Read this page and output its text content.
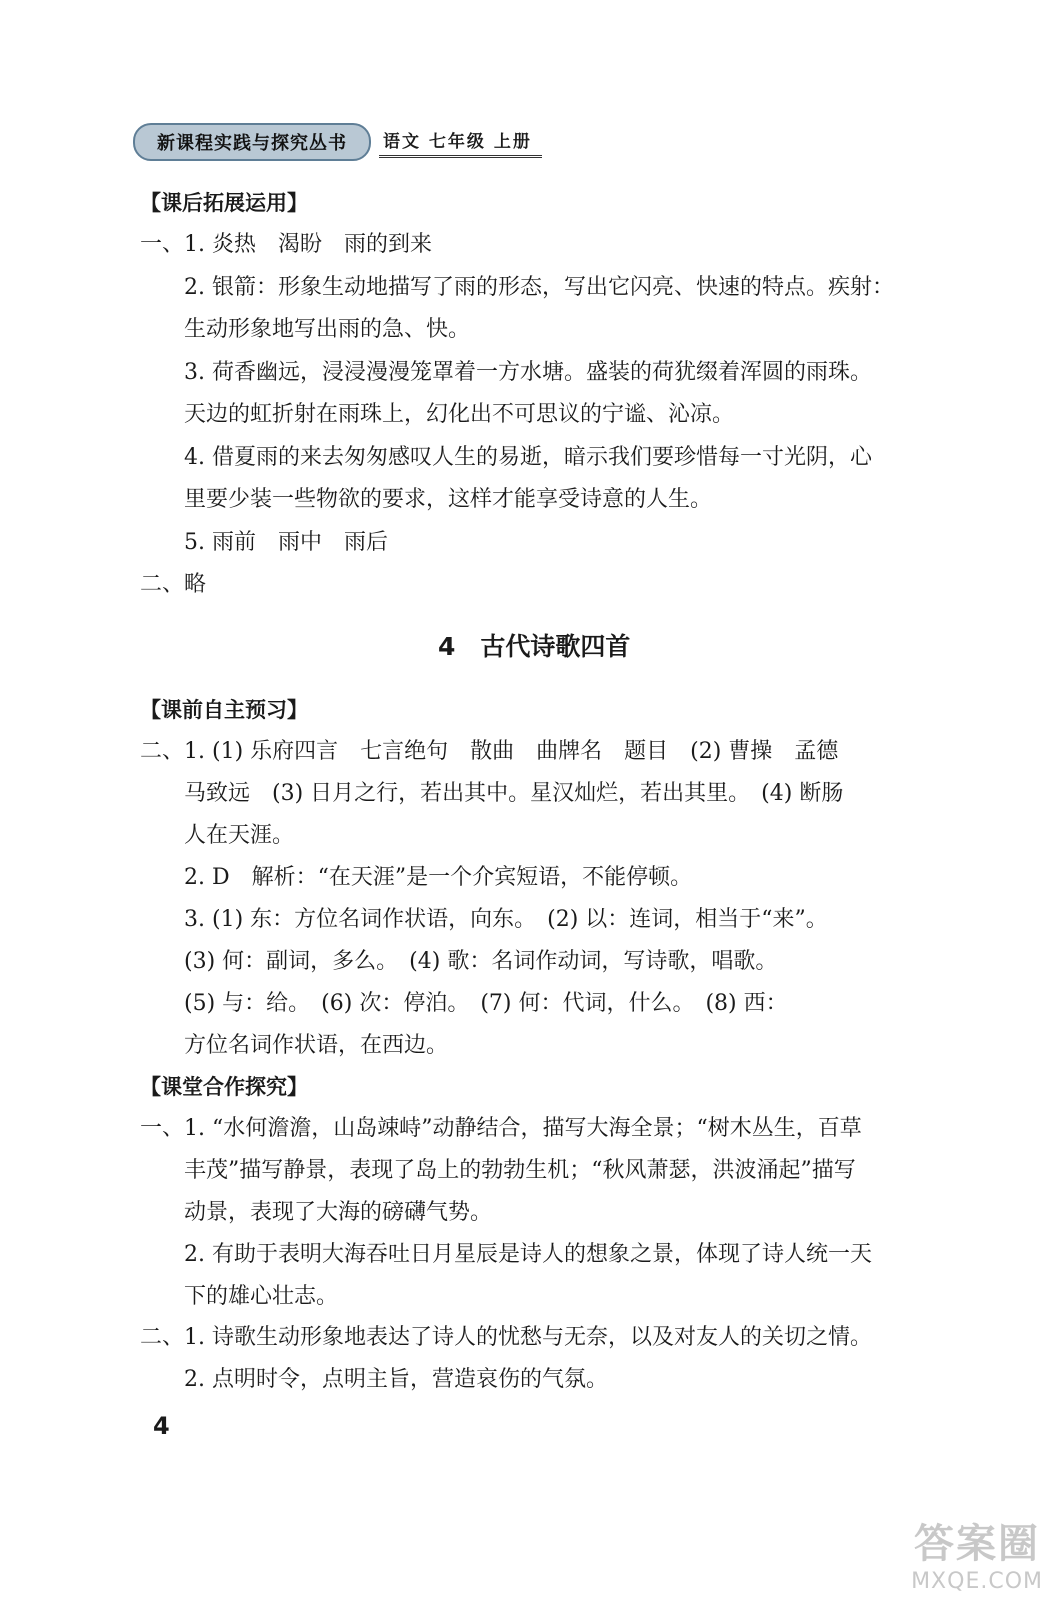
新课程实践与探究丛书	语文 七年级 上册
【课后拓展运用】
一、1. 炎热　渴盼　雨的到来
2. 银箭：形象生动地描写了雨的形态，写出它闪亮、快速的特点。疾射：
生动形象地写出雨的急、快。
3. 荷香幽远，浸浸漫漫笼罩着一方水塘。盛装的荷犹缀着浑圆的雨珠。
天边的虹折射在雨珠上，幻化出不可思议的宁谧、沁凉。
4. 借夏雨的来去匆匆感叹人生的易逝，暗示我们要珍惜每一寸光阴，心
里要少装一些物欲的要求，这样才能享受诗意的人生。
5. 雨前　雨中　雨后
二、略
4　古代诗歌四首
【课前自主预习】
二、1. (1) 乐府四言　七言绝句　散曲　曲牌名　题目　(2) 曹操　孟德
马致远　(3) 日月之行，若出其中。星汉灿烂，若出其里。　(4) 断肠
人在天涯。
2. D　解析：“在天涯”是一个介宾短语，不能停顿。
3. (1) 东：方位名词作状语，向东。　(2) 以：连词，相当于“来”。
(3) 何：副词，多么。　(4) 歌：名词作动词，写诗歌，唱歌。
(5) 与：给。　(6) 次：停泊。　(7) 何：代词，什么。　(8) 西：
方位名词作状语，在西边。
【课堂合作探究】
一、1. “水何澹澹，山岛竦峙”动静结合，描写大海全景；“树木丛生，百草
丰茂”描写静景，表现了岛上的勃勃生机；“秋风萧瑟，洪波涌起”描写
动景，表现了大海的磅礴气势。
2. 有助于表明大海吞吐日月星辰是诗人的想象之景，体现了诗人统一天
下的雄心壮志。
二、1. 诗歌生动形象地表达了诗人的忧愁与无奈，以及对友人的关切之情。
2. 点明时令，点明主旨，营造哀伤的气氛。
4
答案圈
MXQE.COM
